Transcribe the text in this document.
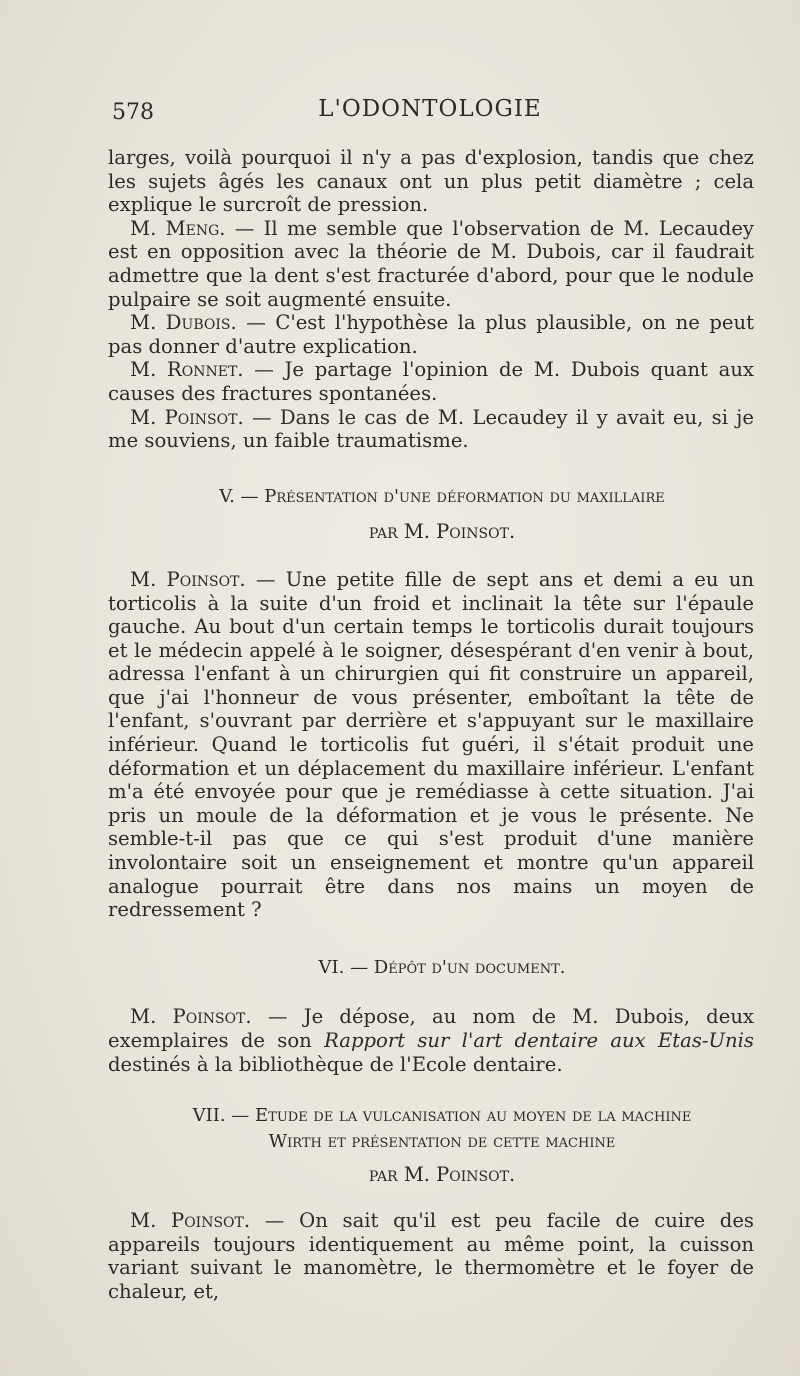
578	L'ODONTOLOGIE

larges, voilà pourquoi il n'y a pas d'explosion, tandis que chez les sujets âgés les canaux ont un plus petit diamètre ; cela explique le surcroît de pression.

M. Meng. — Il me semble que l'observation de M. Lecaudey est en opposition avec la théorie de M. Dubois, car il faudrait admettre que la dent s'est fracturée d'abord, pour que le nodule pulpaire se soit augmenté ensuite.

M. Dubois. — C'est l'hypothèse la plus plausible, on ne peut pas donner d'autre explication.

M. Ronnet. — Je partage l'opinion de M. Dubois quant aux causes des fractures spontanées.

M. Poinsot. — Dans le cas de M. Lecaudey il y avait eu, si je me souviens, un faible traumatisme.

V. — Présentation d'une déformation du maxillaire

par M. Poinsot.

M. Poinsot. — Une petite fille de sept ans et demi a eu un torticolis à la suite d'un froid et inclinait la tête sur l'épaule gauche. Au bout d'un certain temps le torticolis durait toujours et le médecin appelé à le soigner, désespérant d'en venir à bout, adressa l'enfant à un chirurgien qui fit construire un appareil, que j'ai l'honneur de vous présenter, emboîtant la tête de l'enfant, s'ouvrant par derrière et s'appuyant sur le maxillaire inférieur. Quand le torticolis fut guéri, il s'était produit une déformation et un déplacement du maxillaire inférieur. L'enfant m'a été envoyée pour que je remédiasse à cette situation. J'ai pris un moule de la déformation et je vous le présente. Ne semble-t-il pas que ce qui s'est produit d'une manière involontaire soit un enseignement et montre qu'un appareil analogue pourrait être dans nos mains un moyen de redressement ?

VI. — Dépôt d'un document.

M. Poinsot. — Je dépose, au nom de M. Dubois, deux exemplaires de son Rapport sur l'art dentaire aux Etas-Unis destinés à la bibliothèque de l'Ecole dentaire.

VII. — Etude de la vulcanisation au moyen de la machine

Wirth et présentation de cette machine

par M. Poinsot.

M. Poinsot. — On sait qu'il est peu facile de cuire des appareils toujours identiquement au même point, la cuisson variant suivant le manomètre, le thermomètre et le foyer de chaleur, et,
